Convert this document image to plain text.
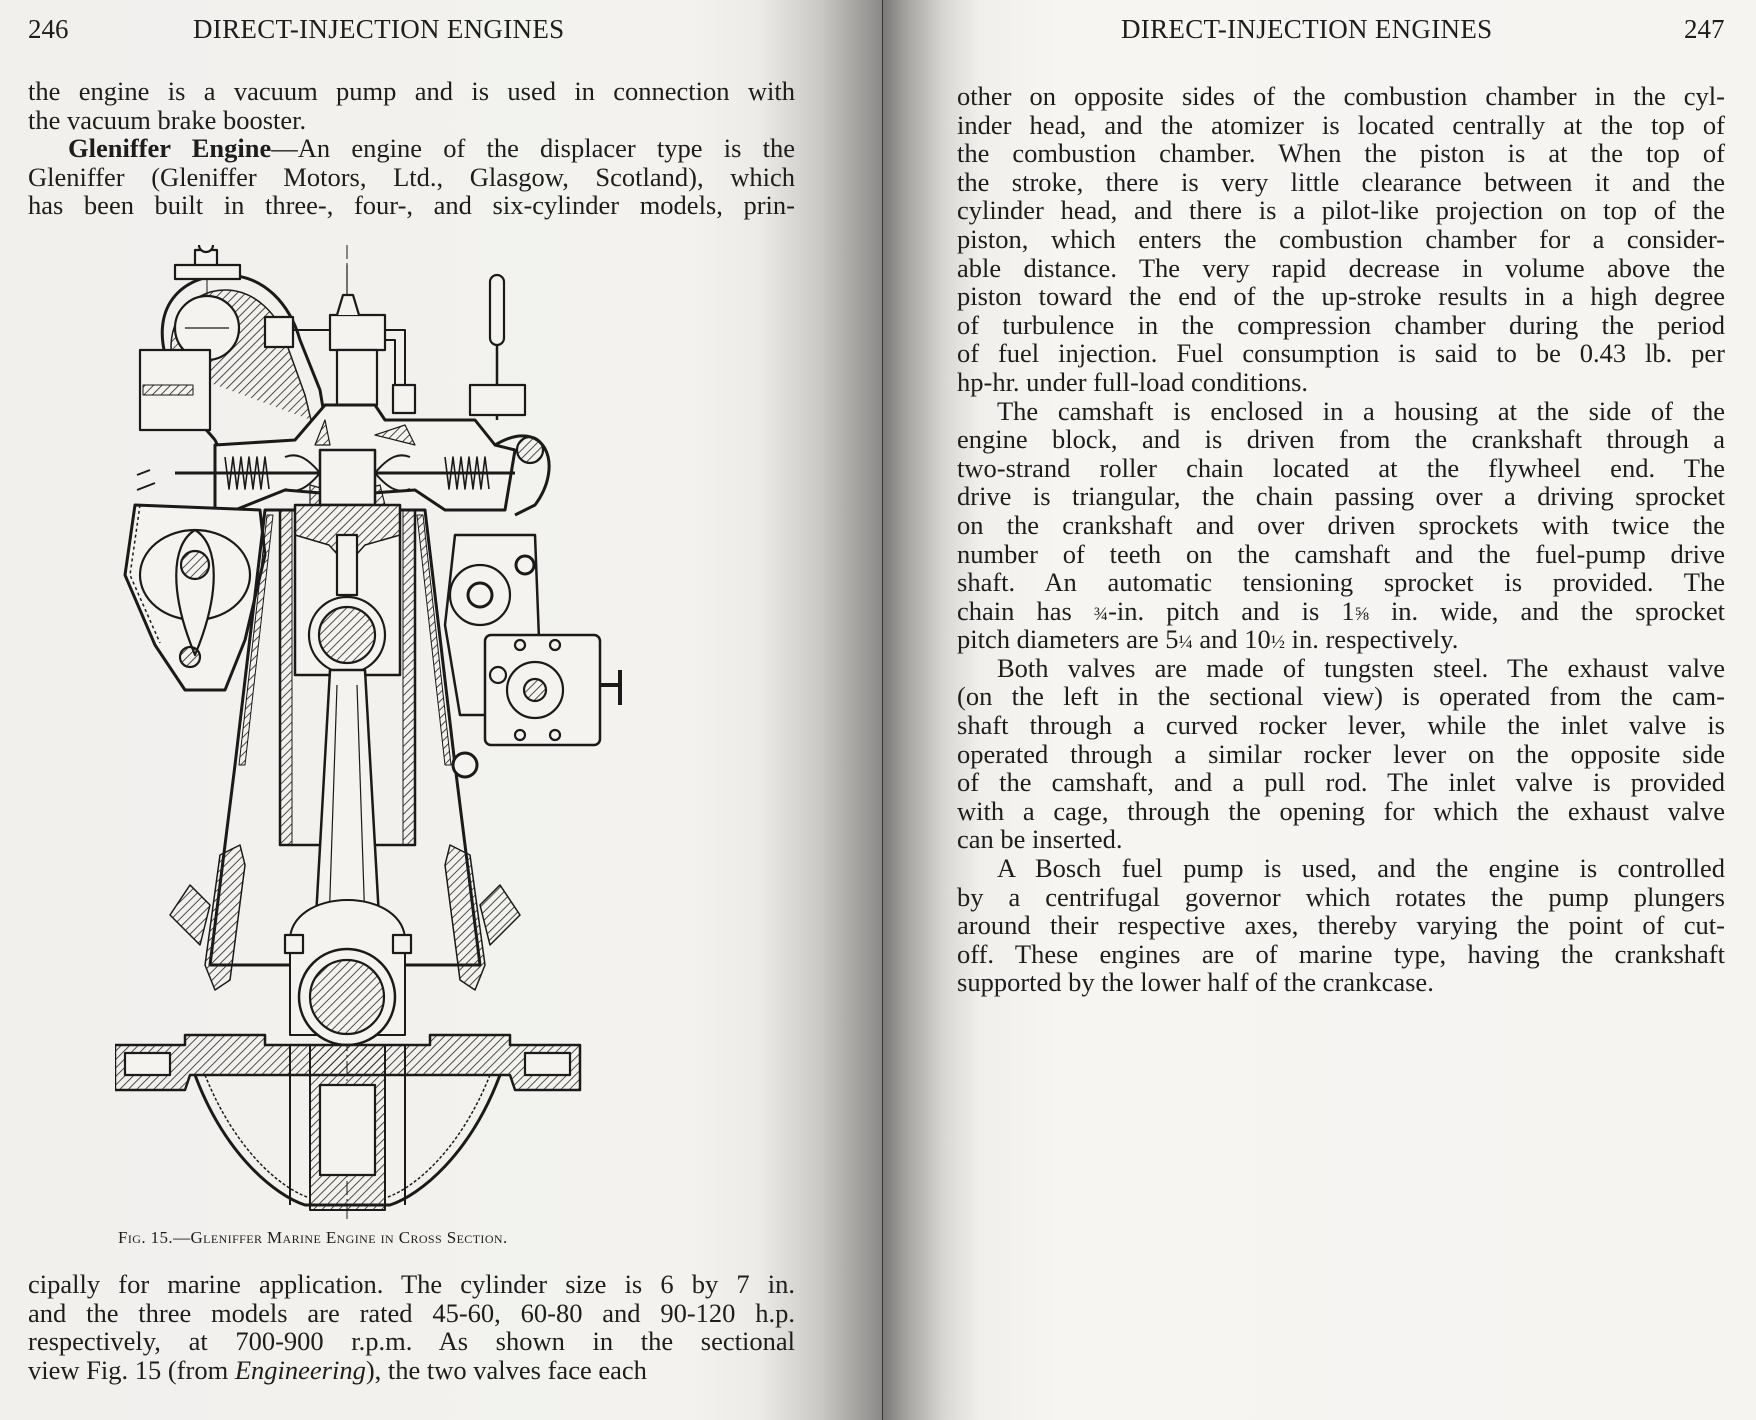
246	DIRECT-INJECTION ENGINES
the engine is a vacuum pump and is used in connection with
the vacuum brake booster.
Gleniffer Engine—An engine of the displacer type is the
Gleniffer (Gleniffer Motors, Ltd., Glasgow, Scotland), which
has been built in three-, four-, and six-cylinder models, prin-
Fig. 15.—Gleniffer Marine Engine in Cross Section.
cipally for marine application. The cylinder size is 6 by 7 in.
and the three models are rated 45-60, 60-80 and 90-120 h.p.
respectively, at 700-900 r.p.m. As shown in the sectional
view Fig. 15 (from Engineering), the two valves face each
DIRECT-INJECTION ENGINES	247
other on opposite sides of the combustion chamber in the cyl-
inder head, and the atomizer is located centrally at the top of
the combustion chamber. When the piston is at the top of
the stroke, there is very little clearance between it and the
cylinder head, and there is a pilot-like projection on top of the
piston, which enters the combustion chamber for a consider-
able distance. The very rapid decrease in volume above the
piston toward the end of the up-stroke results in a high degree
of turbulence in the compression chamber during the period
of fuel injection. Fuel consumption is said to be 0.43 lb. per
hp-hr. under full-load conditions.
The camshaft is enclosed in a housing at the side of the
engine block, and is driven from the crankshaft through a
two-strand roller chain located at the flywheel end. The
drive is triangular, the chain passing over a driving sprocket
on the crankshaft and over driven sprockets with twice the
number of teeth on the camshaft and the fuel-pump drive
shaft. An automatic tensioning sprocket is provided. The
chain has ¾-in. pitch and is 1⅝ in. wide, and the sprocket
pitch diameters are 5¼ and 10½ in. respectively.
Both valves are made of tungsten steel. The exhaust valve
(on the left in the sectional view) is operated from the cam-
shaft through a curved rocker lever, while the inlet valve is
operated through a similar rocker lever on the opposite side
of the camshaft, and a pull rod. The inlet valve is provided
with a cage, through the opening for which the exhaust valve
can be inserted.
A Bosch fuel pump is used, and the engine is controlled
by a centrifugal governor which rotates the pump plungers
around their respective axes, thereby varying the point of cut-
off. These engines are of marine type, having the crankshaft
supported by the lower half of the crankcase.
